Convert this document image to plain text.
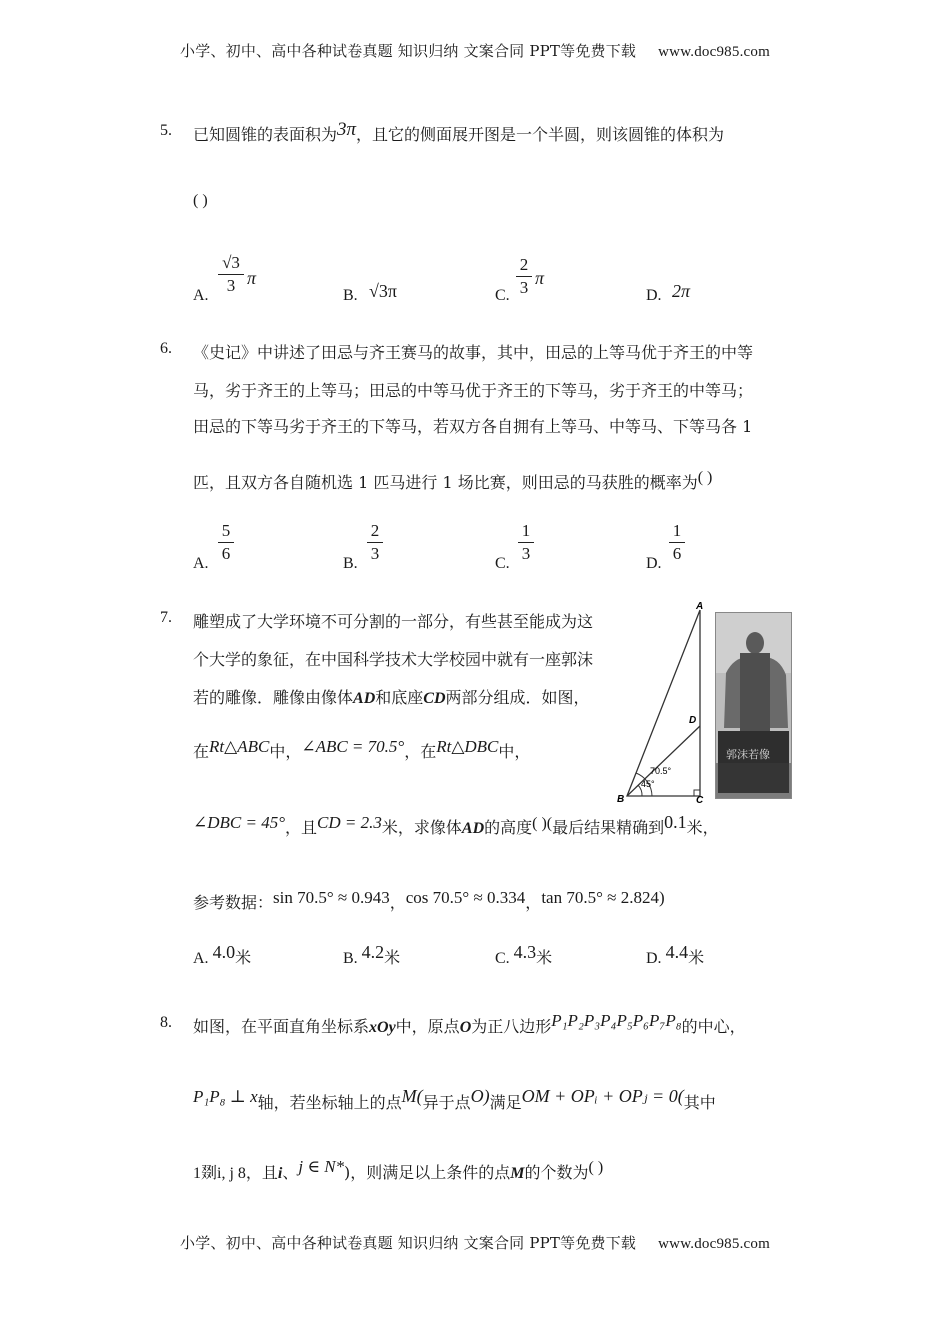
小学、初中、高中各种试卷真题 知识归纳 文案合同 PPT等免费下载 www.doc985.com
5. 已知圆锥的表面积为3π，且它的侧面展开图是一个半圆，则该圆锥的体积为
( )
A.
√3
3 π
B. √3π	C.
2
3 π
D. 2π
6. 《史记》中讲述了田忌与齐王赛马的故事，其中，田忌的上等马优于齐王的中等
马，劣于齐王的上等马；田忌的中等马优于齐王的下等马，劣于齐王的中等马；
田忌的下等马劣于齐王的下等马，若双方各自拥有上等马、中等马、下等马各 1
匹，且双方各自随机选 1 匹马进行 1 场比赛，则田忌的马获胜的概率为( )
A.
5
6
B.
2
3
C.
1
3
D.
1
6
7. 雕塑成了大学环境不可分割的一部分，有些甚至能成为这
个大学的象征，在中国科学技术大学校园中就有一座郭沫
若的雕像．雕像由像体AD和底座CD两部分组成．如图，
在Rt△ABC中，∠ABC = 70.5°，在Rt△DBC中，
∠DBC = 45°，且CD = 2.3米，求像体AD的高度( )(最后结果精确到0.1米，
参考数据：sin 70.5° ≈ 0.943，cos 70.5° ≈ 0.334，tan 70.5° ≈ 2.824)
A
D
B	C
70.5°
45°
郭沫若像
A. 4.0米	B. 4.2米	C. 4.3米	D. 4.4米
8. 如图，在平面直角坐标系xOy中，原点O为正八边形P₁P₂P₃P₄P₅P₆P₇P₈的中心，
P₁P₈ ⊥ x轴，若坐标轴上的点M(异于点O)满足OM + OPᵢ + OPⱼ = 0(其中
1剟i, j 8，且i、j ∈ N*)，则满足以上条件的点M的个数为( )
小学、初中、高中各种试卷真题 知识归纳 文案合同 PPT等免费下载 www.doc985.com
